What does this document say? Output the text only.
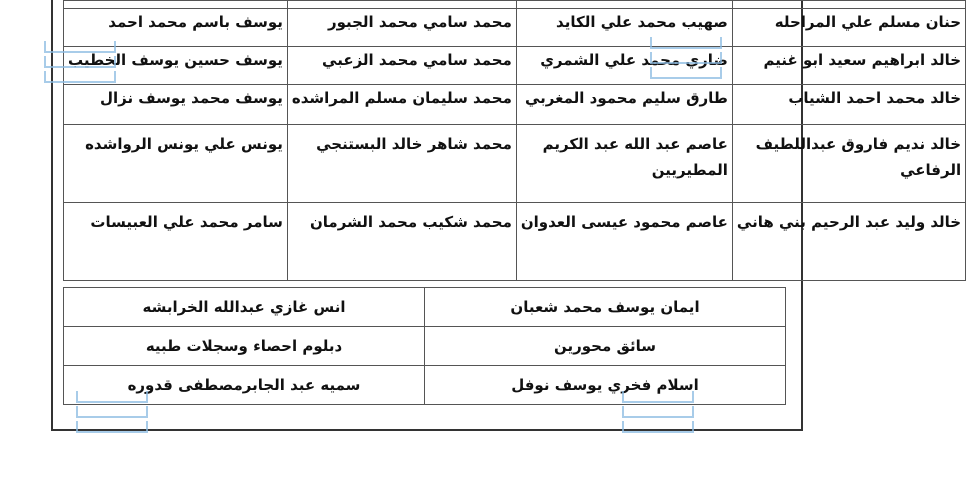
حنان مسلم علي المراحله	صهيب محمد علي الكايد	محمد سامي محمد الجبور	يوسف باسم محمد احمد
خالد ابراهيم سعيد ابو غنيم	ضاري محمد علي الشمري	محمد سامي محمد الزعبي	يوسف حسين يوسف الخطيب
خالد محمد احمد الشياب	طارق سليم محمود المغربي	محمد سليمان مسلم المراشده	يوسف محمد يوسف نزال
خالد نديم فاروق عبداللطيف الرفاعي	عاصم عبد الله عبد الكريم المطيريين	محمد شاهر خالد البستنجي	يونس علي يونس الرواشده
خالد وليد عبد الرحيم بني هاني	عاصم محمود عيسى العدوان	محمد شكيب محمد الشرمان	سامر محمد علي العبيسات
ايمان يوسف محمد شعبان	انس غازي عبدالله الخرابشه
سائق محورين	دبلوم احصاء وسجلات طبيه
اسلام فخري يوسف نوفل	سميه عبد الجابرمصطفى قدوره
